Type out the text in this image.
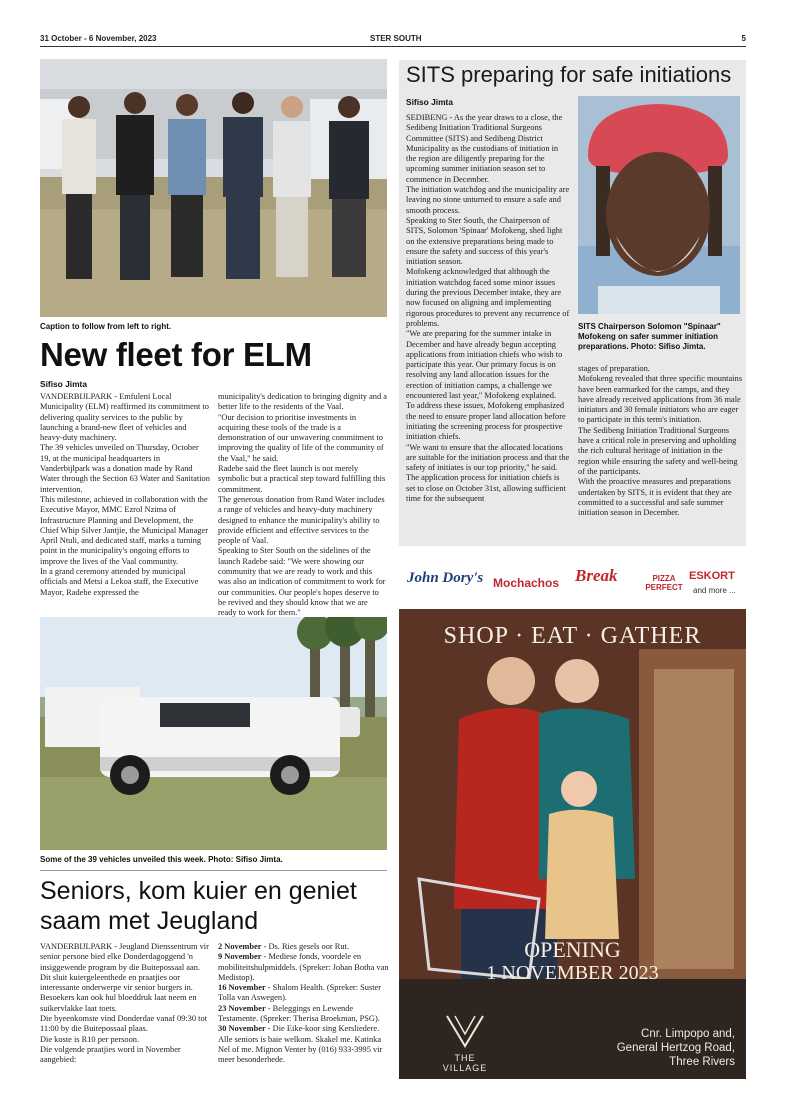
31 October - 6 November, 2023	STER SOUTH	5
Caption to follow from left to right.
New fleet for ELM
Sifiso Jimta

VANDERBIJLPARK - Emfuleni Local Municipality (ELM) reaffirmed its commitment to delivering quality services to the public by launching a brand-new fleet of vehicles and heavy-duty machinery.

The 39 vehicles unveiled on Thursday, October 19, at the municipal headquarters in Vanderbijlpark was a donation made by Rand Water through the Section 63 Water and Sanitation intervention.

This milestone, achieved in collaboration with the Executive Mayor, MMC Ezrol Nzima of Infrastructure Planning and Development, the Chief Whip Silver Jantjie, the Municipal Manager April Ntuli, and dedicated staff, marks a turning point in the municipality's ongoing efforts to improve the lives of the Vaal community.

In a grand ceremony attended by municipal officials and Metsi a Lekoa staff, the Executive Mayor, Radebe expressed the

municipality's dedication to bringing dignity and a better life to the residents of the Vaal.

"Our decision to prioritise investments in acquiring these tools of the trade is a demonstration of our unwavering commitment to improving the quality of life of the community of the Vaal," he said.

Radebe said the fleet launch is not merely symbolic but a practical step toward fulfilling this commitment.

The generous donation from Rand Water includes a range of vehicles and heavy-duty machinery designed to enhance the municipality's ability to provide efficient and effective services to the people of Vaal.

Speaking to Ster South on the sidelines of the launch Radebe said: "We were showing our community that we are ready to work and this was also an indication of commitment to work for our communities. Our people's hopes deserve to be revived and they should know that we are ready to work for them."

Some of the 39 vehicles unveiled this week. Photo: Sifiso Jimta.
Seniors, kom kuier en geniet saam met Jeugland

VANDERBIJLPARK - Jeugland Dienssentrum vir senior persone bied elke Donderdagoggend 'n insiggewende program by die Buitepossaal aan.

Dit sluit kuiergeleenthede en praatjies oor interessante onderwerpe vir senior burgers in.

Besoekers kan ook hul bloeddruk laat neem en suikervlakke laat toets.

Die byeenkomste vind Donderdae vanaf 09:30 tot 11:00 by die Buitepossaal plaas.

Die koste is R10 per persoon.

Die volgende praatjies word in November aangebied:

2 November - Ds. Ries gesels oor Rut.

9 November - Mediese fonds, voordele en mobiliteitshulpmiddels. (Spreker: Johan Botha van Medistop).

16 November - Shalom Health. (Spreker: Suster Tolla van Aswegen).

23 November - Beleggings en Lewende Testamente. (Spreker: Therisa Broekman, PSG).

30 November - Die Eike-koor sing Kersliedere.

Alle seniors is baie welkom. Skakel me. Katinka Nel of me. Mignon Venter by (016) 933-3995 vir meer besonderhede.

SITS preparing for safe initiations
Sifiso Jimta

SEDIBENG - As the year draws to a close, the Sedibeng Initiation Traditional Surgeons Committee (SITS) and Sedibeng District Municipality as the custodians of initiation in the region are diligently preparing for the upcoming summer initiation season set to commence in December.

The initiation watchdog and the municipality are leaving no stone unturned to ensure a safe and smooth process.

Speaking to Ster South, the Chairperson of SITS, Solomon 'Spinaar' Mofokeng, shed light on the extensive preparations being made to ensure the safety and success of this year's initiation season.

Mofokeng acknowledged that although the initiation watchdog faced some minor issues during the previous December intake, they are now focused on aligning and implementing rigorous procedures to prevent any recurrence of problems.

"We are preparing for the summer intake in December and have already begun accepting applications from initiation chiefs who wish to participate this year. Our primary focus is on resolving any land allocation issues for the erection of initiation camps, a challenge we encountered last year," Mofokeng explained.

To address these issues, Mofokeng emphasized the need to ensure proper land allocation before initiating the screening process for prospective initiation chiefs.

"We want to ensure that the allocated locations are suitable for the initiation process and that the safety of initiates is our top priority," he said.

The application process for initiation chiefs is set to close on October 31st, allowing sufficient time for the subsequent

SITS Chairperson Solomon "Spinaar" Mofokeng on safer summer initiation preparations. Photo: Sifiso Jimta.

stages of preparation.

Mofokeng revealed that three specific mountains have been earmarked for the camps, and they have already received applications from 36 male initiators and 30 female initiators who are eager to participate in this term's initiation.

The Sedibeng Initiation Traditional Surgeons have a critical role in preserving and upholding the rich cultural heritage of initiation in the region while ensuring the safety and well-being of the participants.

With the proactive measures and preparations undertaken by SITS, it is evident that they are committed to a successful and safe summer initiation season in December.

John Dory's Mochachos Break	PIZZA PERFECT
ESKORT
and more ...
SHOP · EAT · GATHER
OPENING
1 NOVEMBER 2023
THE VILLAGE
Cnr. Limpopo and,
General Hertzog Road,
Three Rivers
